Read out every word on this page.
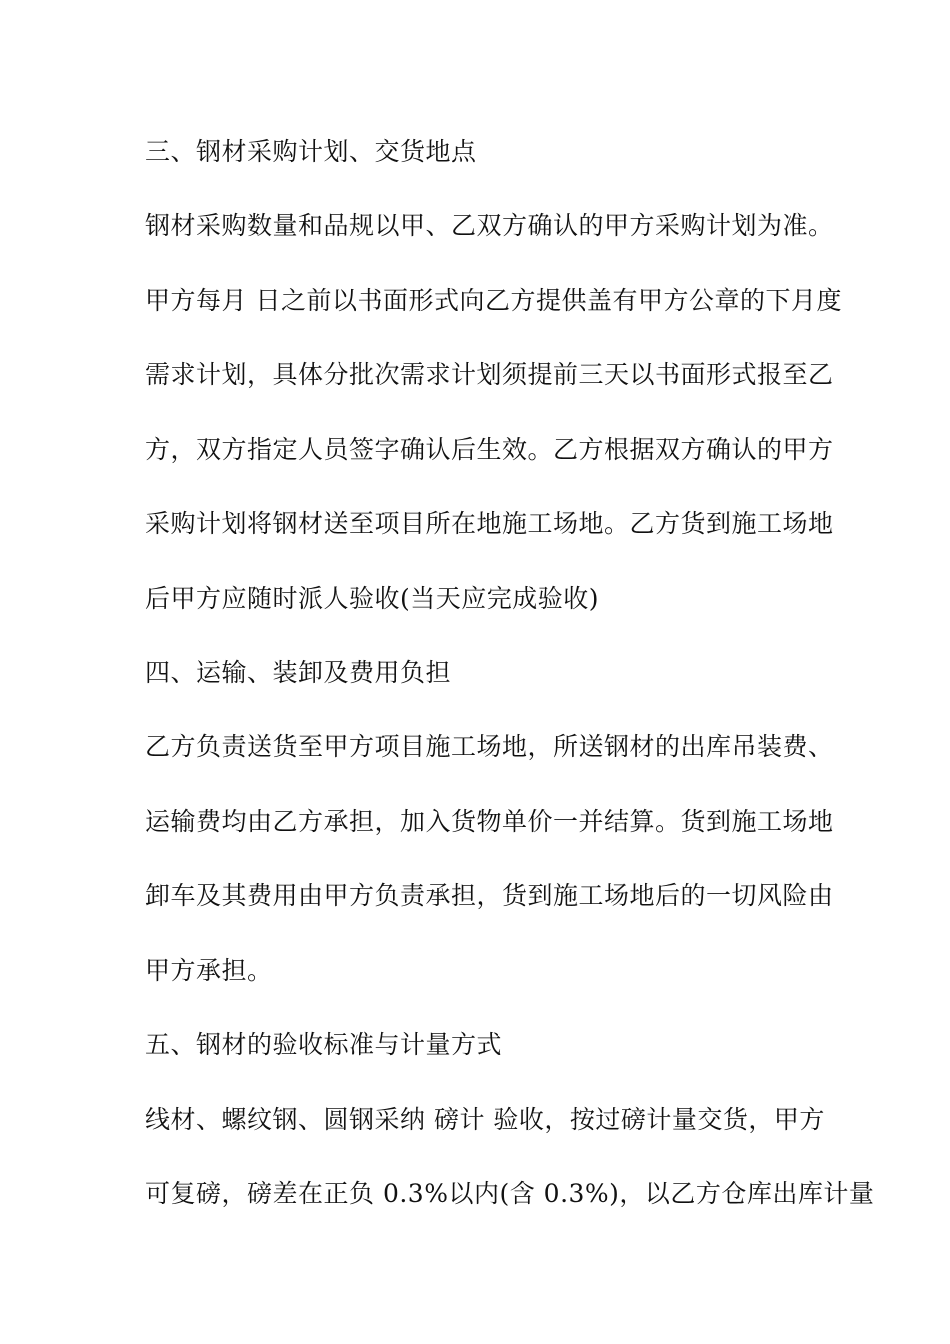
三、钢材采购计划、交货地点
钢材采购数量和品规以甲、乙双方确认的甲方采购计划为准。
甲方每月 日之前以书面形式向乙方提供盖有甲方公章的下月度
需求计划，具体分批次需求计划须提前三天以书面形式报至乙
方，双方指定人员签字确认后生效。乙方根据双方确认的甲方
采购计划将钢材送至项目所在地施工场地。乙方货到施工场地
后甲方应随时派人验收(当天应完成验收)
四、运输、装卸及费用负担
乙方负责送货至甲方项目施工场地，所送钢材的出库吊装费、
运输费均由乙方承担，加入货物单价一并结算。货到施工场地
卸车及其费用由甲方负责承担，货到施工场地后的一切风险由
甲方承担。
五、钢材的验收标准与计量方式
线材、螺纹钢、圆钢采纳 磅计 验收，按过磅计量交货，甲方
可复磅，磅差在正负 0.3%以内(含 0.3%)，以乙方仓库出库计量
